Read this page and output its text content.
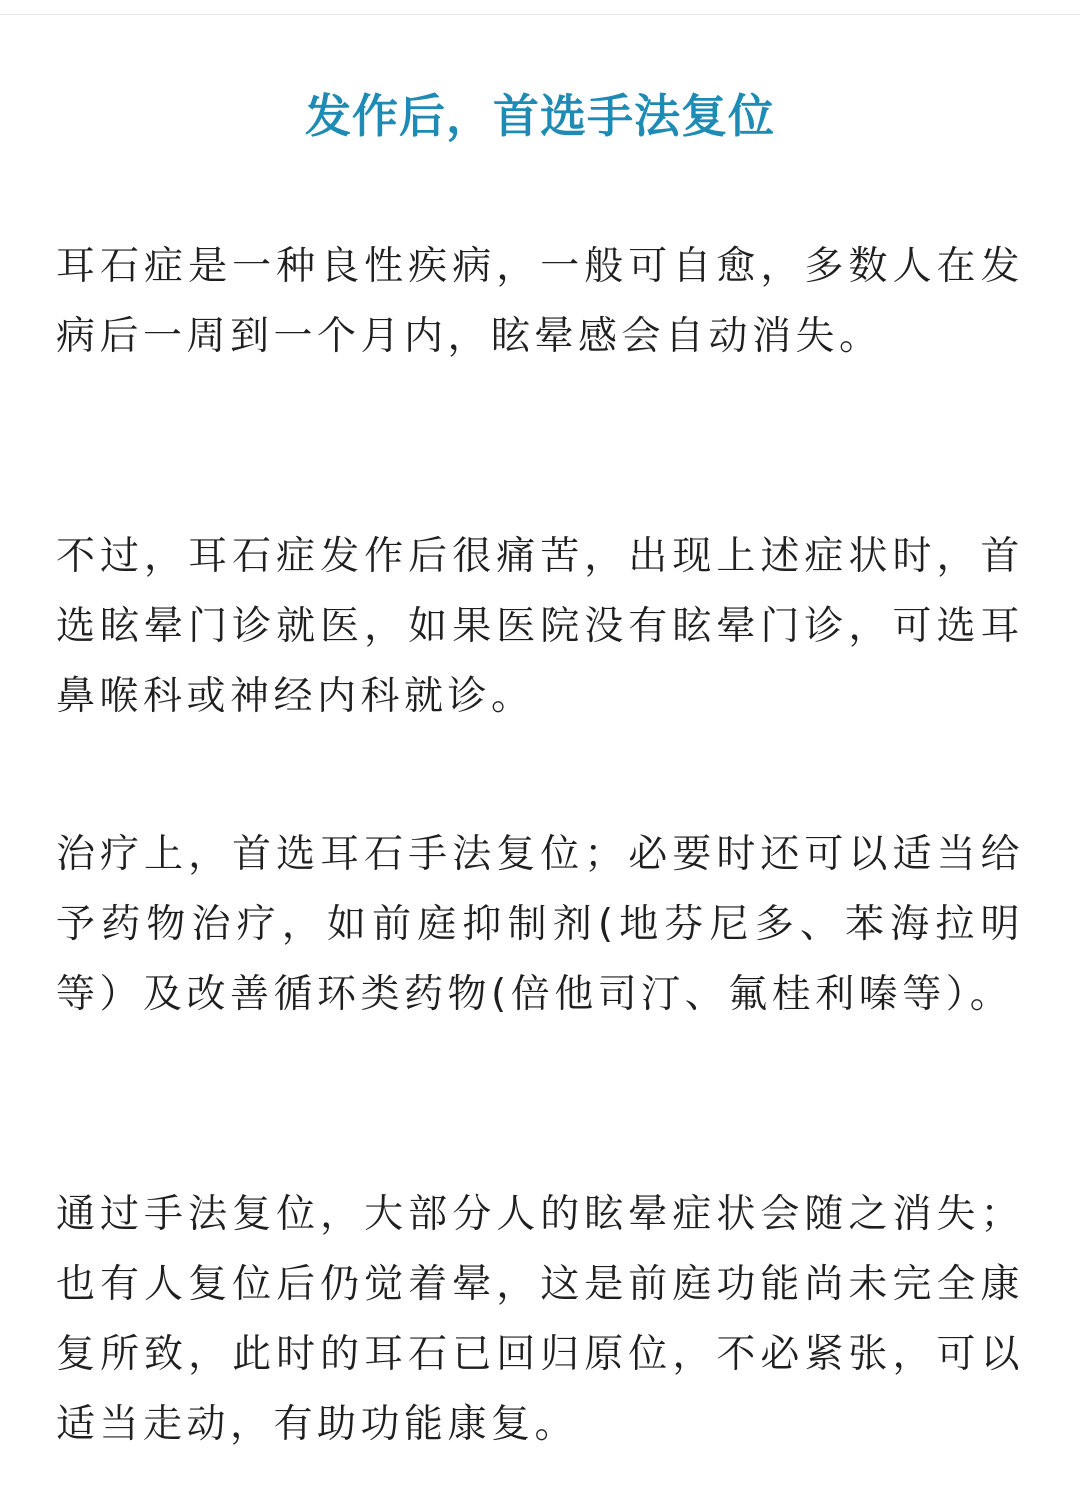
发作后，首选手法复位

耳石症是一种良性疾病，一般可自愈，多数人在发病后一周到一个月内，眩晕感会自动消失。

不过，耳石症发作后很痛苦，出现上述症状时，首选眩晕门诊就医，如果医院没有眩晕门诊，可选耳鼻喉科或神经内科就诊。

治疗上，首选耳石手法复位；必要时还可以适当给予药物治疗，如前庭抑制剂(地芬尼多、苯海拉明等）及改善循环类药物(倍他司汀、氟桂利嗪等）。

通过手法复位，大部分人的眩晕症状会随之消失；也有人复位后仍觉着晕，这是前庭功能尚未完全康复所致，此时的耳石已回归原位，不必紧张，可以适当走动，有助功能康复。
